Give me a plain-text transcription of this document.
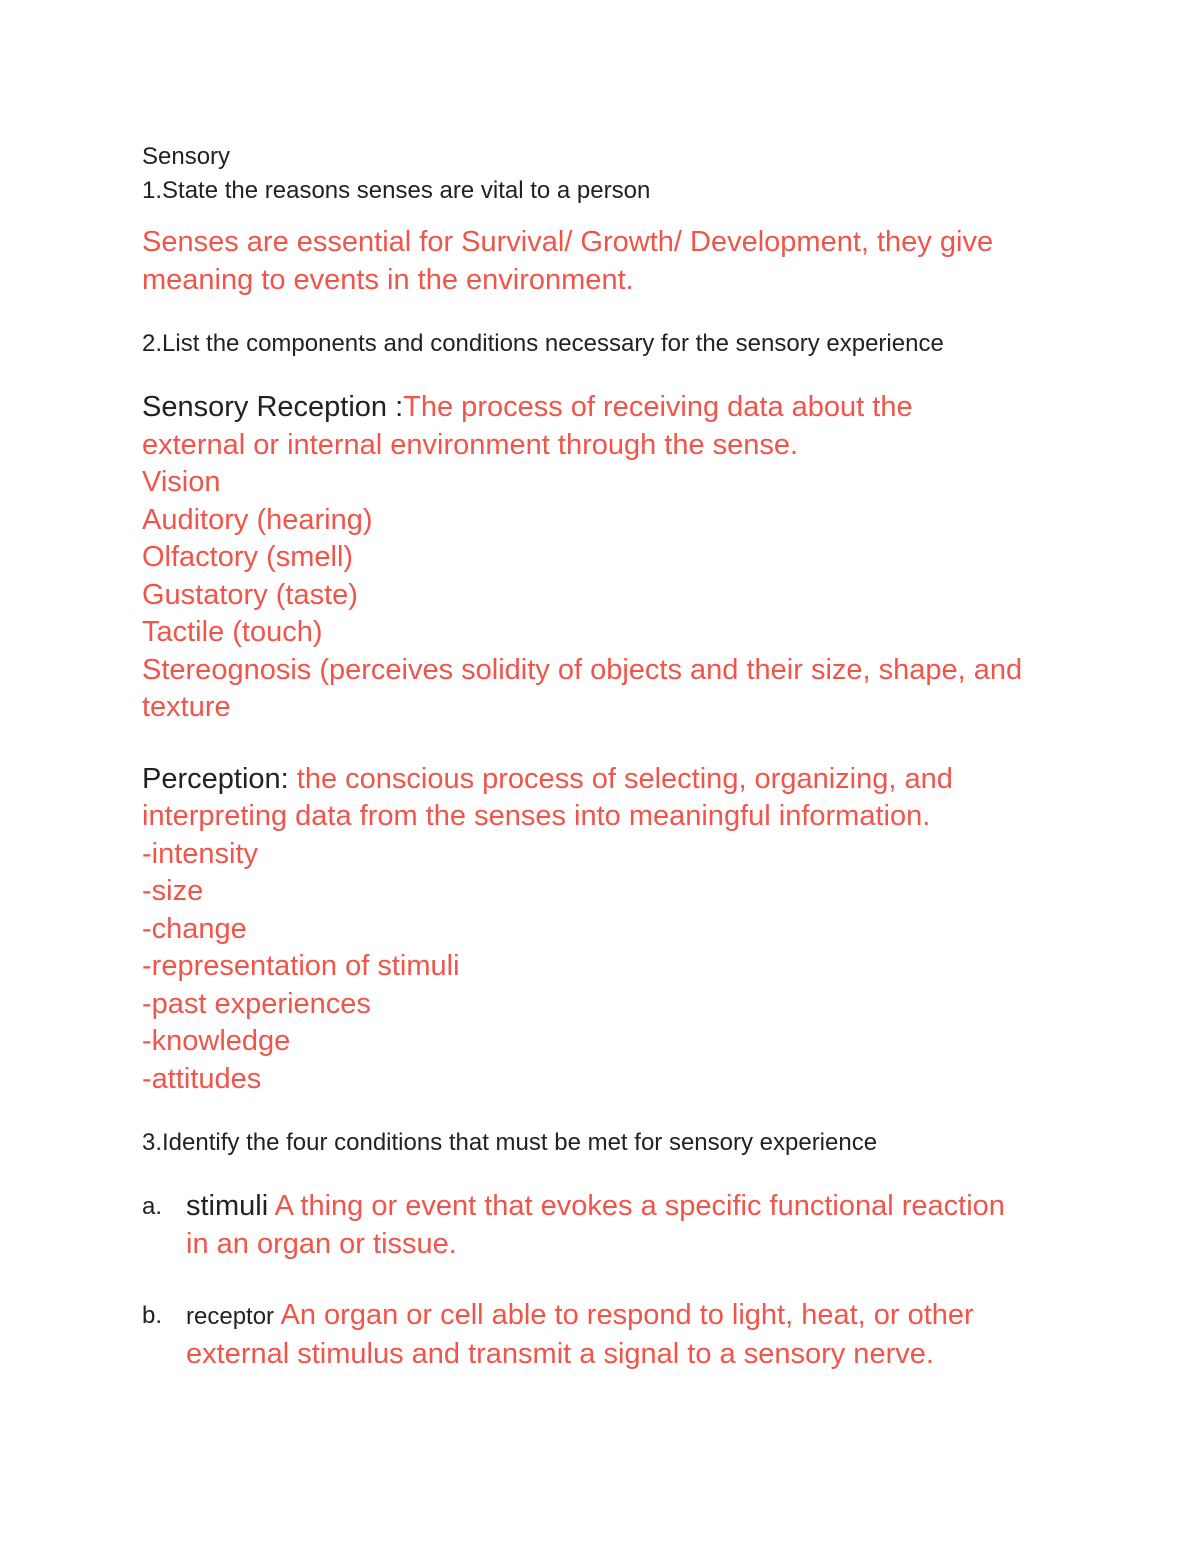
Sensory
1.State the reasons senses are vital to a person
Senses are essential for Survival/ Growth/ Development, they give meaning to events in the environment.
2.List the components and conditions necessary for the sensory experience
Sensory Reception :The process of receiving data about the external or internal environment through the sense.
Vision
Auditory (hearing)
Olfactory (smell)
Gustatory (taste)
Tactile (touch)
Stereognosis (perceives solidity of objects and their size, shape, and texture
Perception: the conscious process of selecting, organizing, and interpreting data from the senses into meaningful information.
-intensity
-size
-change
-representation of stimuli
-past experiences
-knowledge
-attitudes
3.Identify the four conditions that must be met for sensory experience
a. stimuli A thing or event that evokes a specific functional reaction in an organ or tissue.
b. receptor An organ or cell able to respond to light, heat, or other external stimulus and transmit a signal to a sensory nerve.
